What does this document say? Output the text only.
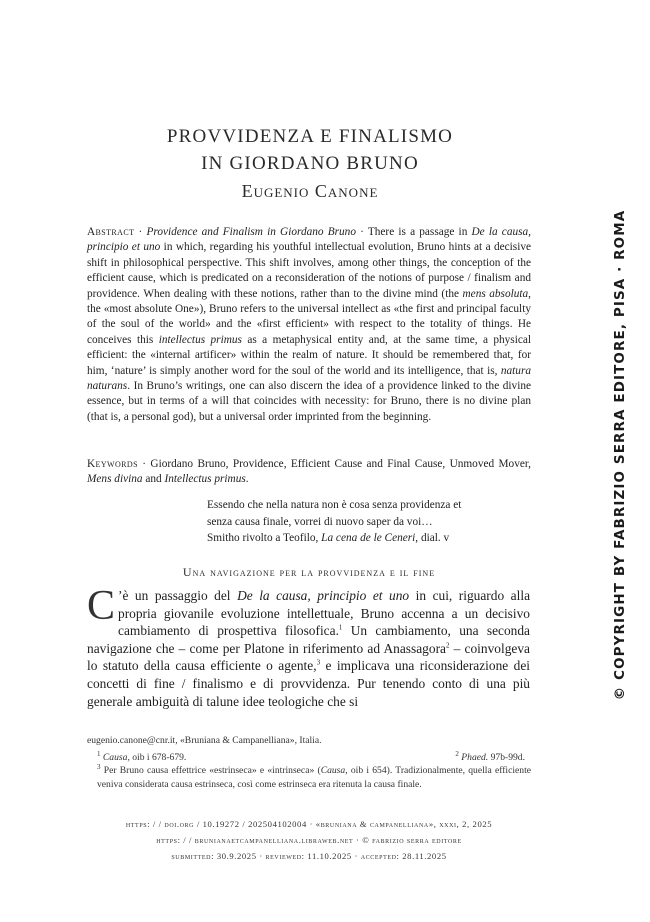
PROVVIDENZA E FINALISMO
IN GIORDANO BRUNO
Eugenio Canone
Abstract · Providence and Finalism in Giordano Bruno · There is a passage in De la causa, principio et uno in which, regarding his youthful intellectual evolution, Bruno hints at a decisive shift in philosophical perspective. This shift involves, among other things, the conception of the efficient cause, which is predicated on a reconsideration of the notions of purpose / finalism and providence. When dealing with these notions, rather than to the divine mind (the mens absoluta, the «most absolute One»), Bruno refers to the universal intellect as «the first and principal faculty of the soul of the world» and the «first efficient» with respect to the totality of things. He conceives this intellectus primus as a metaphysical entity and, at the same time, a physical efficient: the «internal artificer» within the realm of nature. It should be remembered that, for him, ‘nature’ is simply another word for the soul of the world and its intelligence, that is, natura naturans. In Bruno’s writings, one can also discern the idea of a providence linked to the divine essence, but in terms of a will that coincides with necessity: for Bruno, there is no divine plan (that is, a personal god), but a universal order imprinted from the beginning.
Keywords · Giordano Bruno, Providence, Efficient Cause and Final Cause, Unmoved Mover, Mens divina and Intellectus primus.
Essendo che nella natura non è cosa senza providenza et
senza causa finale, vorrei di nuovo saper da voi…
Smitho rivolto a Teofilo, La cena de le Ceneri, dial. v
Una navigazione per la provvidenza e il fine
C ’è un passaggio del De la causa, principio et uno in cui, riguardo alla propria giovanile evoluzione intellettuale, Bruno accenna a un decisivo cambiamento di prospettiva filosofica.$^1$ Un cambiamento, una seconda navigazione che – come per Platone in riferimento ad Anassagora$^2$ – coinvolgeva lo statuto della causa efficiente o agente,$^3$ e implicava una riconsiderazione dei concetti di fine / finalismo e di provvidenza. Pur tenendo conto di una più generale ambiguità di talune idee teologiche che si
eugenio.canone@cnr.it, «Bruniana & Campanelliana», Italia.
$^1$ Causa, oib i 678-679.	$^2$ Phaed. 97b-99d.
$^3$ Per Bruno causa effettrice «estrinseca» e «intrinseca» (Causa, oib i 654). Tradizionalmente, quella efficiente veniva considerata causa estrinseca, così come estrinseca era ritenuta la causa finale.
https: / / doi.org / 10.19272 / 202504102004 · «bruniana & campanelliana», xxxi, 2, 2025
https: / / brunianaetcampanelliana.libraweb.net · © fabrizio serra editore
submitted: 30.9.2025 · reviewed: 11.10.2025 · accepted: 28.11.2025
© COPYRIGHT BY FABRIZIO SERRA EDITORE, PISA · ROMA
